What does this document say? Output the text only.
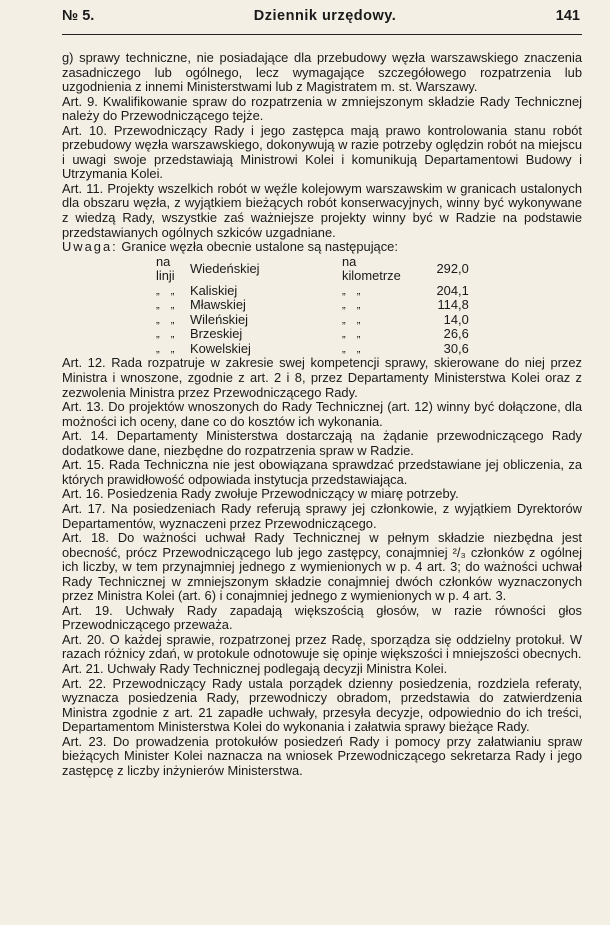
№ 5.	Dziennik urzędowy.	141

g) sprawy techniczne, nie posiadające dla przebudowy węzła warszawskiego znaczenia zasadniczego lub ogólnego, lecz wymagające szczegółowego rozpatrzenia lub uzgodnienia z innemi Ministerstwami lub z Magistratem m. st. Warszawy.

Art. 9. Kwalifikowanie spraw do rozpatrzenia w zmniejszonym składzie Rady Technicznej należy do Przewodniczącego tejże.

Art. 10. Przewodniczący Rady i jego zastępca mają prawo kontrolowania stanu robót przebudowy węzła warszawskiego, dokonywują w razie potrzeby oględzin robót na miejscu i uwagi swoje przedstawiają Ministrowi Kolei i komunikują Departamentowi Budowy i Utrzymania Kolei.

Art. 11. Projekty wszelkich robót w węźle kolejowym warszawskim w granicach ustalonych dla obszaru węzła, z wyjątkiem bieżących robót konserwacyjnych, winny być wykonywane z wiedzą Rady, wszystkie zaś ważniejsze projekty winny być w Radzie na podstawie przedstawianych ogólnych szkiców uzgadniane.

Uwaga: Granice węzła obecnie ustalone są następujące:

na linji	Wiedeńskiej	na kilometrze	292,0
„ „	Kaliskiej	„ „	204,1
„ „	Mławskiej	„ „	114,8
„ „	Wileńskiej	„ „	14,0
„ „	Brzeskiej	„ „	26,6
„ „	Kowelskiej	„ „	30,6

Art. 12. Rada rozpatruje w zakresie swej kompetencji sprawy, skierowane do niej przez Ministra i wnoszone, zgodnie z art. 2 i 8, przez Departamenty Ministerstwa Kolei oraz z zezwolenia Ministra przez Przewodniczącego Rady.

Art. 13. Do projektów wnoszonych do Rady Technicznej (art. 12) winny być dołączone, dla możności ich oceny, dane co do kosztów ich wykonania.

Art. 14. Departamenty Ministerstwa dostarczają na żądanie przewodniczącego Rady dodatkowe dane, niezbędne do rozpatrzenia spraw w Radzie.

Art. 15. Rada Techniczna nie jest obowiązana sprawdzać przedstawiane jej obliczenia, za których prawidłowość odpowiada instytucja przedstawiająca.

Art. 16. Posiedzenia Rady zwołuje Przewodniczący w miarę potrzeby.

Art. 17. Na posiedzeniach Rady referują sprawy jej członkowie, z wyjątkiem Dyrektorów Departamentów, wyznaczeni przez Przewodniczącego.

Art. 18. Do ważności uchwał Rady Technicznej w pełnym składzie niezbędna jest obecność, prócz Przewodniczącego lub jego zastępcy, conajmniej ²/₃ członków z ogólnej ich liczby, w tem przynajmniej jednego z wymienionych w p. 4 art. 3; do ważności uchwał Rady Technicznej w zmniejszonym składzie conajmniej dwóch członków wyznaczonych przez Ministra Kolei (art. 6) i conajmniej jednego z wymienionych w p. 4 art. 3.

Art. 19. Uchwały Rady zapadają większością głosów, w razie równości głos Przewodniczącego przeważa.

Art. 20. O każdej sprawie, rozpatrzonej przez Radę, sporządza się oddzielny protokuł. W razach różnicy zdań, w protokule odnotowuje się opinje większości i mniejszości obecnych.

Art. 21. Uchwały Rady Technicznej podlegają decyzji Ministra Kolei.

Art. 22. Przewodniczący Rady ustala porządek dzienny posiedzenia, rozdziela referaty, wyznacza posiedzenia Rady, przewodniczy obradom, przedstawia do zatwierdzenia Ministra zgodnie z art. 21 zapadłe uchwały, przesyła decyzje, odpowiednio do ich treści, Departamentom Ministerstwa Kolei do wykonania i załatwia sprawy bieżące Rady.

Art. 23. Do prowadzenia protokułów posiedzeń Rady i pomocy przy załatwianiu spraw bieżących Minister Kolei naznacza na wniosek Przewodniczącego sekretarza Rady i jego zastępcę z liczby inżynierów Ministerstwa.
